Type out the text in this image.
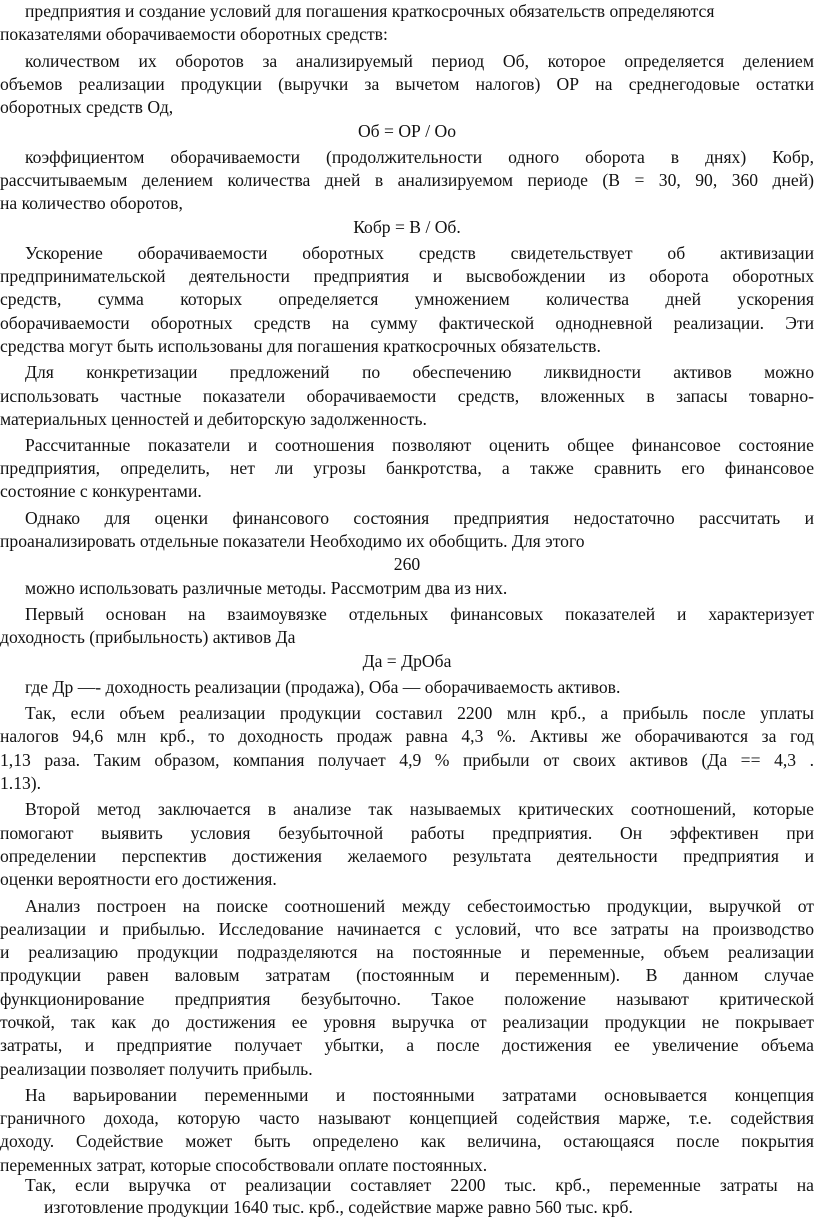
предприятия и создание условий для погашения краткосрочных обязательств определяются
показателями оборачиваемости оборотных средств:
количеством их оборотов за анализируемый период Об, которое определяется делением
объемов реализации продукции (выручки за вычетом налогов) ОР на среднегодовые остатки
оборотных средств Од,
Об = ОР / Оо
коэффициентом оборачиваемости (продолжительности одного оборота в днях) Кобр,
рассчитываемым делением количества дней в анализируемом периоде (В = 30, 90, 360 дней)
на количество оборотов,
Кобр = В / Об.
Ускорение оборачиваемости оборотных средств свидетельствует об активизации
предпринимательской деятельности предприятия и высвобождении из оборота оборотных
средств, сумма которых определяется умножением количества дней ускорения
оборачиваемости оборотных средств на сумму фактической однодневной реализации. Эти
средства могут быть использованы для погашения краткосрочных обязательств.
Для конкретизации предложений по обеспечению ликвидности активов можно
использовать частные показатели оборачиваемости средств, вложенных в запасы товарно-
материальных ценностей и дебиторскую задолженность.
Рассчитанные показатели и соотношения позволяют оценить общее финансовое состояние
предприятия, определить, нет ли угрозы банкротства, а также сравнить его финансовое
состояние с конкурентами.
Однако для оценки финансового состояния предприятия недостаточно рассчитать и
проанализировать отдельные показатели Необходимо их обобщить. Для этого
260
можно использовать различные методы. Рассмотрим два из них.
Первый основан на взаимоувязке отдельных финансовых показателей и характеризует
доходность (прибыльность) активов Да
Да = ДрОба
где Др —- доходность реализации (продажа), Оба — оборачиваемость активов.
Так, если объем реализации продукции составил 2200 млн крб., а прибыль после уплаты
налогов 94,6 млн крб., то доходность продаж равна 4,3 %. Активы же оборачиваются за год
1,13 раза. Таким образом, компания получает 4,9 % прибыли от своих активов (Да == 4,3 .
1.13).
Второй метод заключается в анализе так называемых критических соотношений, которые
помогают выявить условия безубыточной работы предприятия. Он эффективен при
определении перспектив достижения желаемого результата деятельности предприятия и
оценки вероятности его достижения.
Анализ построен на поиске соотношений между себестоимостью продукции, выручкой от
реализации и прибылью. Исследование начинается с условий, что все затраты на производство
и реализацию продукции подразделяются на постоянные и переменные, объем реализации
продукции равен валовым затратам (постоянным и переменным). В данном случае
функционирование предприятия безубыточно. Такое положение называют критической
точкой, так как до достижения ее уровня выручка от реализации продукции не покрывает
затраты, и предприятие получает убытки, а после достижения ее увеличение объема
реализации позволяет получить прибыль.
На варьировании переменными и постоянными затратами основывается концепция
граничного дохода, которую часто называют концепцией содействия марже, т.е. содействия
доходу. Содействие может быть определено как величина, остающаяся после покрытия
переменных затрат, которые способствовали оплате постоянных.
Так, если выручка от реализации составляет 2200 тыс. крб., переменные затраты на
изготовление продукции 1640 тыс. крб., содействие марже равно 560 тыс. крб.
